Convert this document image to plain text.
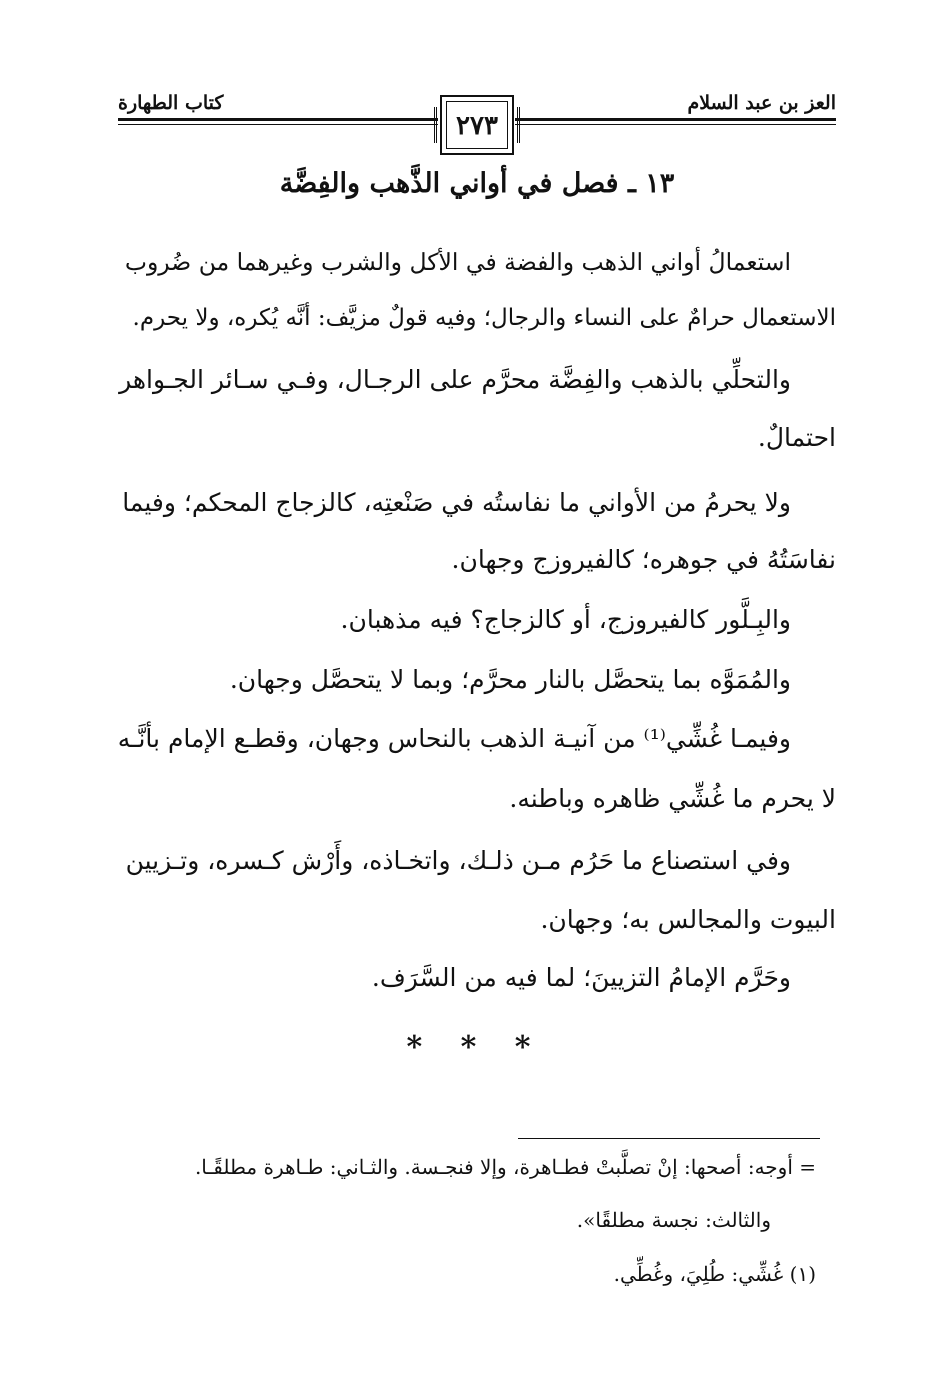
العز بن عبد السلام
كتاب الطهارة
٢٧٣
١٣ ـ فصل في أواني الذَّهب والفِضَّة
استعمالُ أواني الذهب والفضة في الأكل والشرب وغيرهما من ضُروب
الاستعمال حرامٌ على النساء والرجال؛ وفيه قولٌ مزيَّف: أنَّه يُكره، ولا يحرم.
والتحلِّي بالذهب والفِضَّة محرَّم على الرجـال، وفـي سـائر الجـواهر
احتمالٌ.
ولا يحرمُ من الأواني ما نفاستُه في صَنْعتِه، كالزجاج المحكم؛ وفيما
نفاسَتُهُ في جوهره؛ كالفيروزج وجهان.
والبِـلَّور كالفيروزج، أو كالزجاج؟ فيه مذهبان.
والمُمَوَّه بما يتحصَّل بالنار محرَّم؛ وبما لا يتحصَّل وجهان.
وفيمـا غُشِّي⁽¹⁾ من آنيـة الذهب بالنحاس وجهان، وقطـع الإمام بأنَّـه
لا يحرم ما غُشِّي ظاهره وباطنه.
وفي استصناع ما حَرُم مـن ذلـك، واتخـاذه، وأَرْش كـسره، وتـزيين
البيوت والمجالس به؛ وجهان.
وحَرَّم الإمامُ التزيينَ؛ لما فيه من السَّرَف.
* * *
= أوجه: أصحها: إنْ تصلَّبتْ فطـاهرة، وإلا فنجـسة. والثـاني: طـاهرة مطلقًـا.
والثالث: نجسة مطلقًا».
(١) غُشِّي: طُلِيَ، وغُطِّي.
